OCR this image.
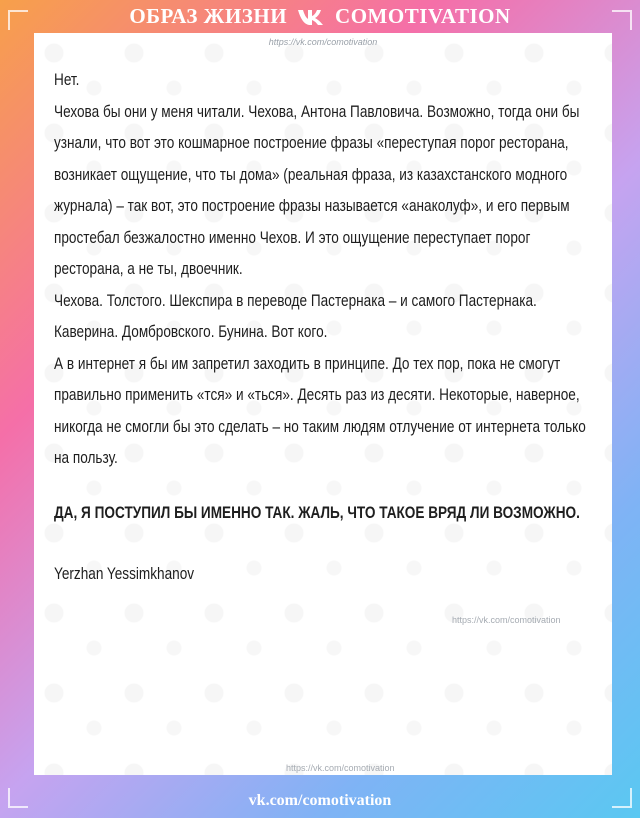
ОБРАЗ ЖИЗНИ COMOTIVATION
https://vk.com/comotivation

Нет.

Чехова бы они у меня читали. Чехова, Антона Павловича. Возможно, тогда они бы узнали, что вот это кошмарное построение фразы «переступая порог ресторана, возникает ощущение, что ты дома» (реальная фраза, из казахстанского модного журнала) – так вот, это построение фразы называется «анаколуф», и его первым простебал безжалостно именно Чехов. И это ощущение переступает порог ресторана, а не ты, двоечник.

Чехова. Толстого. Шекспира в переводе Пастернака – и самого Пастернака. Каверина. Домбровского. Бунина. Вот кого.

А в интернет я бы им запретил заходить в принципе. До тех пор, пока не смогут правильно применить «тся» и «ться». Десять раз из десяти. Некоторые, наверное, никогда не смогли бы это сделать – но таким людям отлучение от интернета только на пользу.

ДА, Я ПОСТУПИЛ БЫ ИМЕННО ТАК. ЖАЛЬ, ЧТО ТАКОЕ ВРЯД ЛИ ВОЗМОЖНО.

Yerzhan Yessimkhanov

https://vk.com/comotivation
https://vk.com/comotivation
vk.com/comotivation
